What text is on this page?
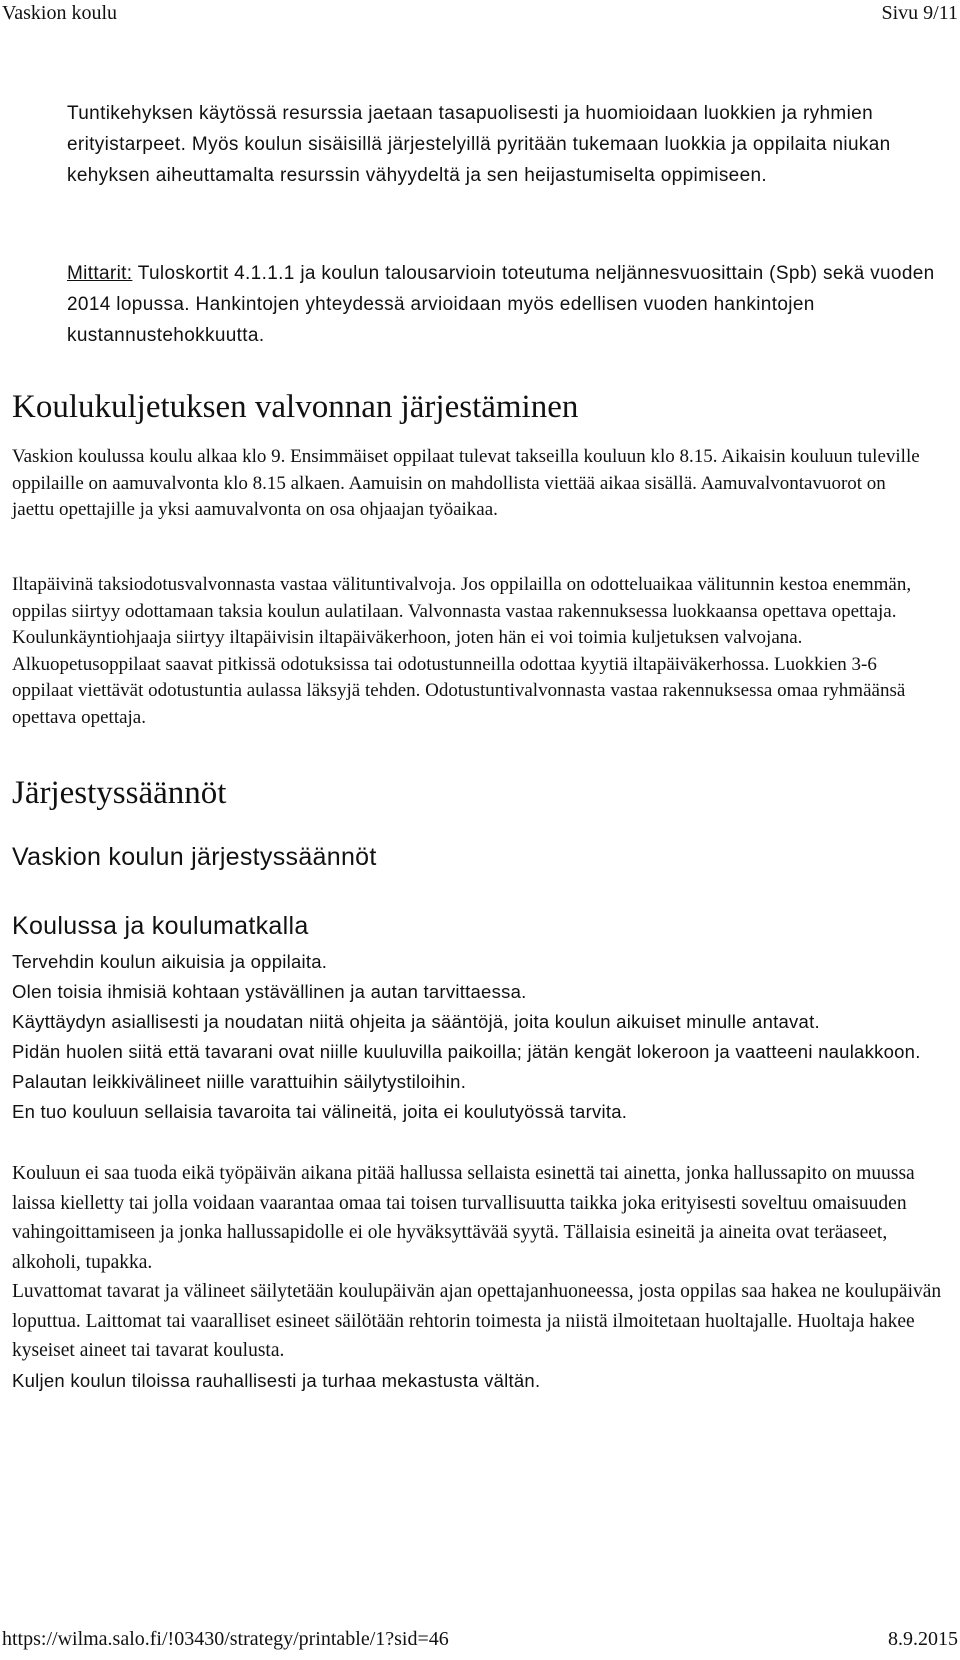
Vaskion koulu	Sivu 9/11

Tuntikehyksen käytössä resurssia jaetaan tasapuolisesti ja huomioidaan luokkien ja ryhmien erityistarpeet. Myös koulun sisäisillä järjestelyillä pyritään tukemaan luokkia ja oppilaita niukan kehyksen aiheuttamalta resurssin vähyydeltä ja sen heijastumiselta oppimiseen.

Mittarit: Tuloskortit 4.1.1.1 ja koulun talousarvioin toteutuma neljännesvuosittain (Spb) sekä vuoden 2014 lopussa. Hankintojen yhteydessä arvioidaan myös edellisen vuoden hankintojen kustannustehokkuutta.

Koulukuljetuksen valvonnan järjestäminen

Vaskion koulussa koulu alkaa klo 9. Ensimmäiset oppilaat tulevat takseilla kouluun klo 8.15. Aikaisin kouluun tuleville oppilaille on aamuvalvonta klo 8.15 alkaen. Aamuisin on mahdollista viettää aikaa sisällä. Aamuvalvontavuorot on jaettu opettajille ja yksi aamuvalvonta on osa ohjaajan työaikaa.

Iltapäivinä taksiodotusvalvonnasta vastaa välituntivalvoja. Jos oppilailla on odotteluaikaa välitunnin kestoa enemmän, oppilas siirtyy odottamaan taksia koulun aulatilaan. Valvonnasta vastaa rakennuksessa luokkaansa opettava opettaja. Koulunkäyntiohjaaja siirtyy iltapäivisin iltapäiväkerhoon, joten hän ei voi toimia kuljetuksen valvojana. Alkuopetusoppilaat saavat pitkissä odotuksissa tai odotustunneilla odottaa kyytiä iltapäiväkerhossa. Luokkien 3-6 oppilaat viettävät odotustuntia aulassa läksyjä tehden. Odotustuntivalvonnasta vastaa rakennuksessa omaa ryhmäänsä opettava opettaja.

Järjestyssäännöt
Vaskion koulun järjestyssäännöt
Koulussa ja koulumatkalla

Tervehdin koulun aikuisia ja oppilaita.

Olen toisia ihmisiä kohtaan ystävällinen ja autan tarvittaessa.

Käyttäydyn asiallisesti ja noudatan niitä ohjeita ja sääntöjä, joita koulun aikuiset minulle antavat.

Pidän huolen siitä että tavarani ovat niille kuuluvilla paikoilla; jätän kengät lokeroon ja vaatteeni naulakkoon. Palautan leikkivälineet niille varattuihin säilytystiloihin.

En tuo kouluun sellaisia tavaroita tai välineitä, joita ei koulutyössä tarvita.

Kouluun ei saa tuoda eikä työpäivän aikana pitää hallussa sellaista esinettä tai ainetta, jonka hallussapito on muussa laissa kielletty tai jolla voidaan vaarantaa omaa tai toisen turvallisuutta taikka joka erityisesti soveltuu omaisuuden vahingoittamiseen ja jonka hallussapidolle ei ole hyväksyttävää syytä. Tällaisia esineitä ja aineita ovat teräaseet, alkoholi, tupakka.

Luvattomat tavarat ja välineet säilytetään koulupäivän ajan opettajanhuoneessa, josta oppilas saa hakea ne koulupäivän loputtua. Laittomat tai vaaralliset esineet säilötään rehtorin toimesta ja niistä ilmoitetaan huoltajalle. Huoltaja hakee kyseiset aineet tai tavarat koulusta.

Kuljen koulun tiloissa rauhallisesti ja turhaa mekastusta vältän.

https://wilma.salo.fi/!03430/strategy/printable/1?sid=46	8.9.2015
